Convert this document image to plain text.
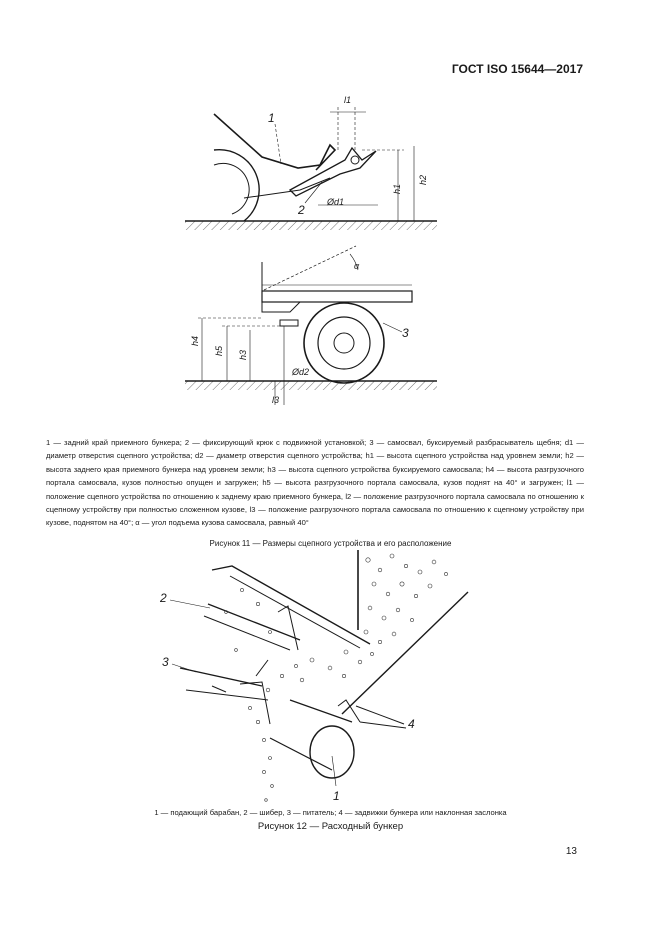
ГОСТ ISO 15644—2017
l1
h1
h2
Ød1
1
2
α
h4
h5 h3
Ød2
l3
3
2
3
4
1
1 — задний край приемного бункера; 2 — фиксирующий крюк с подвижной установкой; 3 — самосвал, буксируемый разбрасыватель щебня; d1 — диаметр отверстия сцепного устройства; d2 — диаметр отверстия сцепного устройства; h1 — высота сцепного устройства над уровнем земли; h2 — высота заднего края приемного бункера над уровнем земли; h3 — высота сцепного устройства буксируемого самосвала; h4 — высота разгрузочного портала самосвала, кузов полностью опущен и загружен; h5 — высота разгрузочного портала самосвала, кузов поднят на 40° и загружен; l1 — положение сцепного устройства по отношению к заднему краю приемного бункера, l2 — положение разгрузочного портала самосвала по отношению к сцепному устройству при полностью сложенном кузове, l3 — положение разгрузочного портала самосвала по отношению к сцепному устройству при кузове, поднятом на 40°; α — угол подъема кузова самосвала, равный 40°
Рисунок 11 — Размеры сцепного устройства и его расположение
1 — подающий барабан, 2 — шибер, 3 — питатель; 4 — задвижки бункера или наклонная заслонка
Рисунок 12 — Расходный бункер
13
